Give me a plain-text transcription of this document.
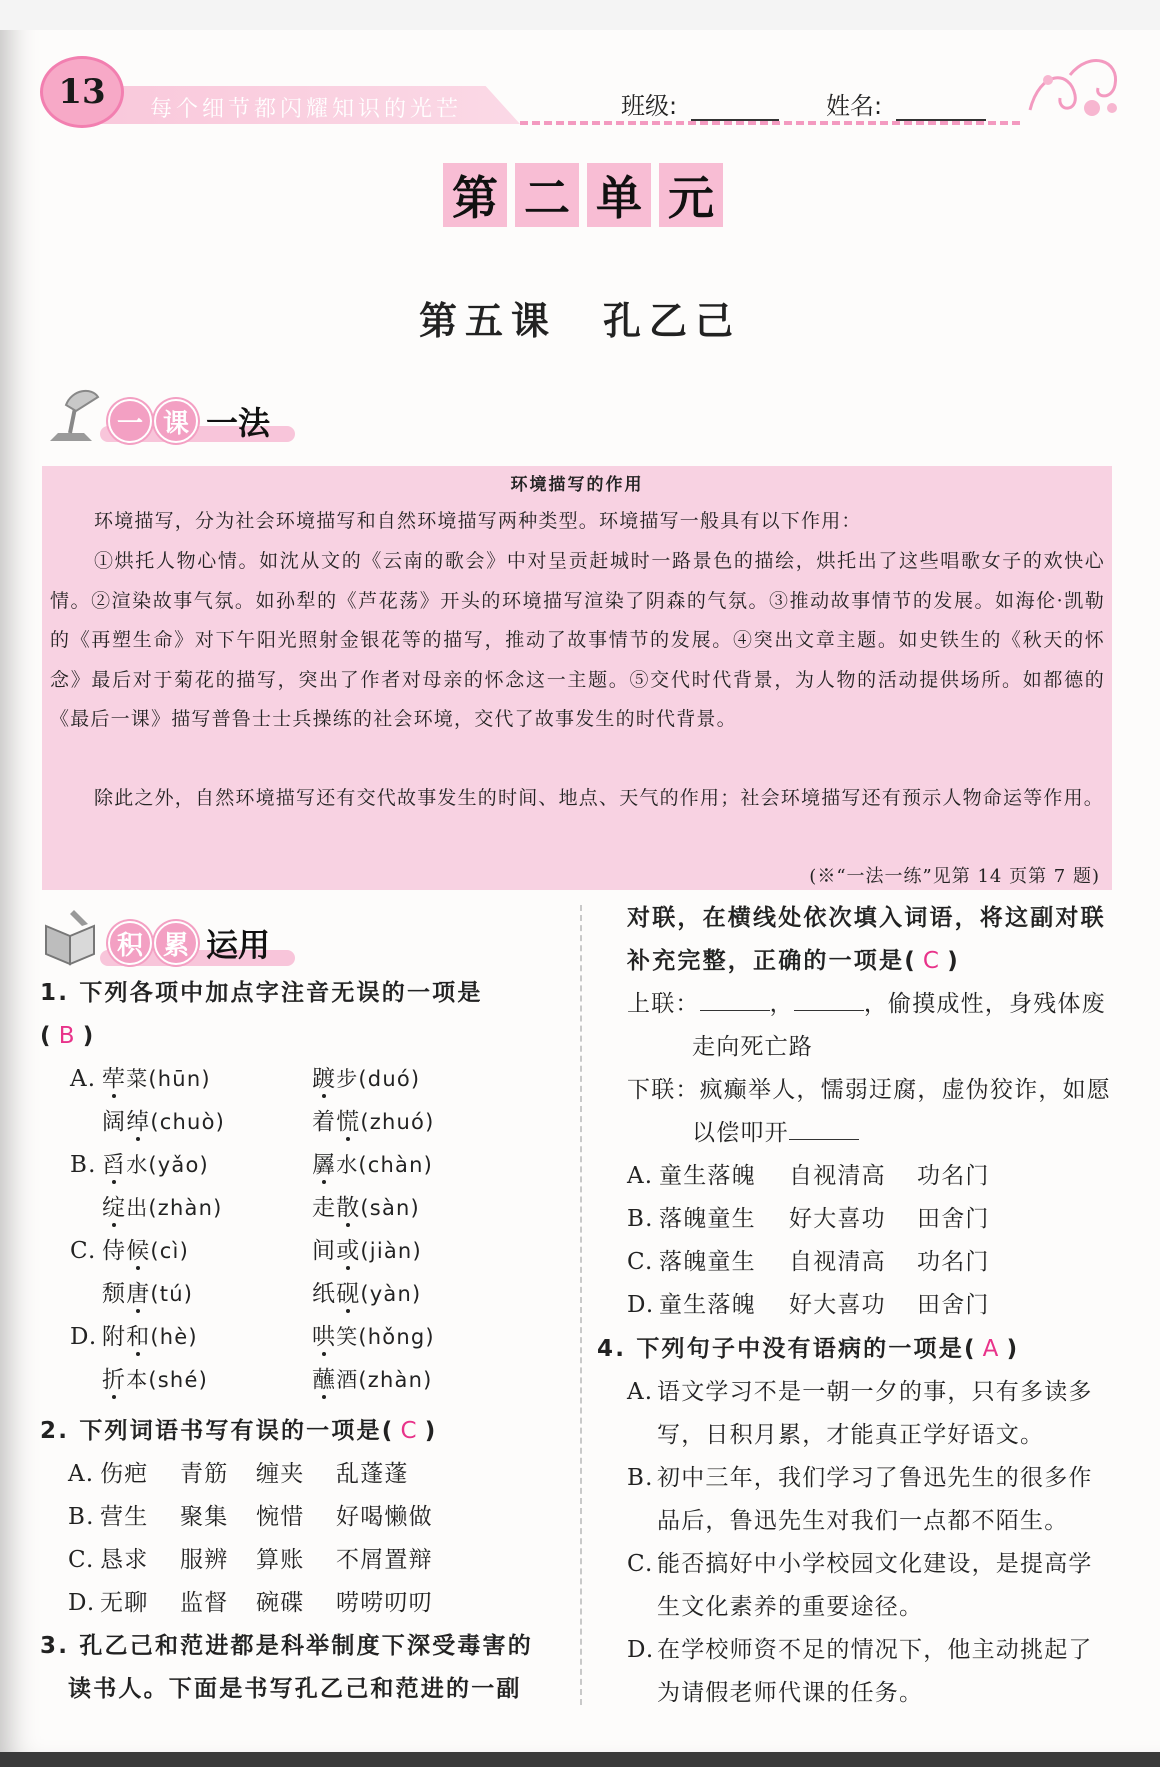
13 每个细节都闪耀知识的光芒	班级:	姓名:
第 二 单 元
第五课　孔乙己
一 课 一法
环境描写的作用

环境描写，分为社会环境描写和自然环境描写两种类型。环境描写一般具有以下作用：

①烘托人物心情。如沈从文的《云南的歌会》中对呈贡赶城时一路景色的描绘，烘托出了这些唱歌女子的欢快心情。②渲染故事气氛。如孙犁的《芦花荡》开头的环境描写渲染了阴森的气氛。③推动故事情节的发展。如海伦·凯勒的《再塑生命》对下午阳光照射金银花等的描写，推动了故事情节的发展。④突出文章主题。如史铁生的《秋天的怀念》最后对于菊花的描写，突出了作者对母亲的怀念这一主题。⑤交代时代背景，为人物的活动提供场所。如都德的《最后一课》描写普鲁士士兵操练的社会环境，交代了故事发生的时代背景。

除此之外，自然环境描写还有交代故事发生的时间、地点、天气的作用；社会环境描写还有预示人物命运等作用。

(※“一法一练”见第 14 页第 7 题)
积 累 运用
1. 下列各项中加点字注音无误的一项是
( B )
A. 荦菜(hūn)	踱步(duó)
阔绰(chuò)	着慌(zhuó)
B. 舀水(yǎo)	羼水(chàn)
绽出(zhàn)	走散(sàn)
C. 侍候(cì)	间或(jiàn)
颓唐(tú)	纸砚(yàn)
D. 附和(hè)	哄笑(hǒng)
折本(shé)	蘸酒(zhàn)
2. 下列词语书写有误的一项是( C )
A. 伤疤	青筋	缠夹	乱蓬蓬
B. 营生	聚集	惋惜	好喝懒做
C. 恳求	服辨	算账	不屑置辩
D. 无聊	监督	碗碟	唠唠叨叨
3. 孔乙己和范进都是科举制度下深受毒害的
读书人。下面是书写孔乙己和范进的一副
对联，在横线处依次填入词语，将这副对联
补充完整，正确的一项是( C )
上联：	，	，偷摸成性，身残体废
走向死亡路
下联：疯癫举人，懦弱迂腐，虚伪狡诈，如愿
以偿叩开
A. 童生落魄	自视清高	功名门
B. 落魄童生	好大喜功	田舍门
C. 落魄童生	自视清高	功名门
D. 童生落魄	好大喜功	田舍门
4. 下列句子中没有语病的一项是( A )
A. 语文学习不是一朝一夕的事，只有多读多
写，日积月累，才能真正学好语文。
B. 初中三年，我们学习了鲁迅先生的很多作
品后，鲁迅先生对我们一点都不陌生。
C. 能否搞好中小学校园文化建设，是提高学
生文化素养的重要途径。
D. 在学校师资不足的情况下，他主动挑起了
为请假老师代课的任务。
